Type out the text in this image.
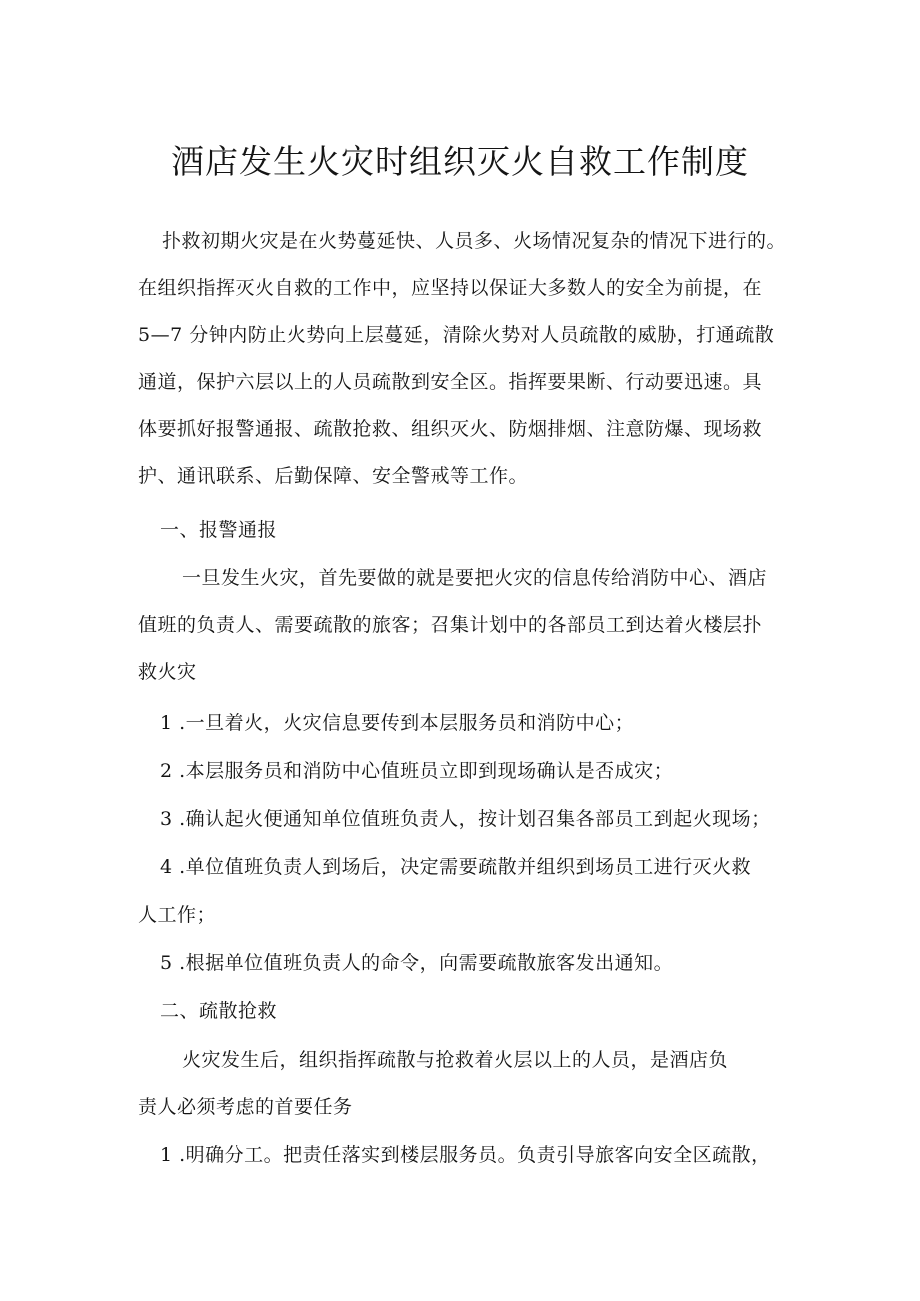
酒店发生火灾时组织灭火自救工作制度

扑救初期火灾是在火势蔓延快、人员多、火场情况复杂的情况下进行的。

在组织指挥灭火自救的工作中，应坚持以保证大多数人的安全为前提，在

5—7 分钟内防止火势向上层蔓延，清除火势对人员疏散的威胁，打通疏散

通道，保护六层以上的人员疏散到安全区。指挥要果断、行动要迅速。具

体要抓好报警通报、疏散抢救、组织灭火、防烟排烟、注意防爆、现场救

护、通讯联系、后勤保障、安全警戒等工作。

一、报警通报

一旦发生火灾，首先要做的就是要把火灾的信息传给消防中心、酒店

值班的负责人、需要疏散的旅客；召集计划中的各部员工到达着火楼层扑

救火灾

1 .一旦着火，火灾信息要传到本层服务员和消防中心；

2 .本层服务员和消防中心值班员立即到现场确认是否成灾；

3 .确认起火便通知单位值班负责人，按计划召集各部员工到起火现场；

4 .单位值班负责人到场后，决定需要疏散并组织到场员工进行灭火救

人工作；

5 .根据单位值班负责人的命令，向需要疏散旅客发出通知。

二、疏散抢救

火灾发生后，组织指挥疏散与抢救着火层以上的人员，是酒店负

责人必须考虑的首要任务

1 .明确分工。把责任落实到楼层服务员。负责引导旅客向安全区疏散，
